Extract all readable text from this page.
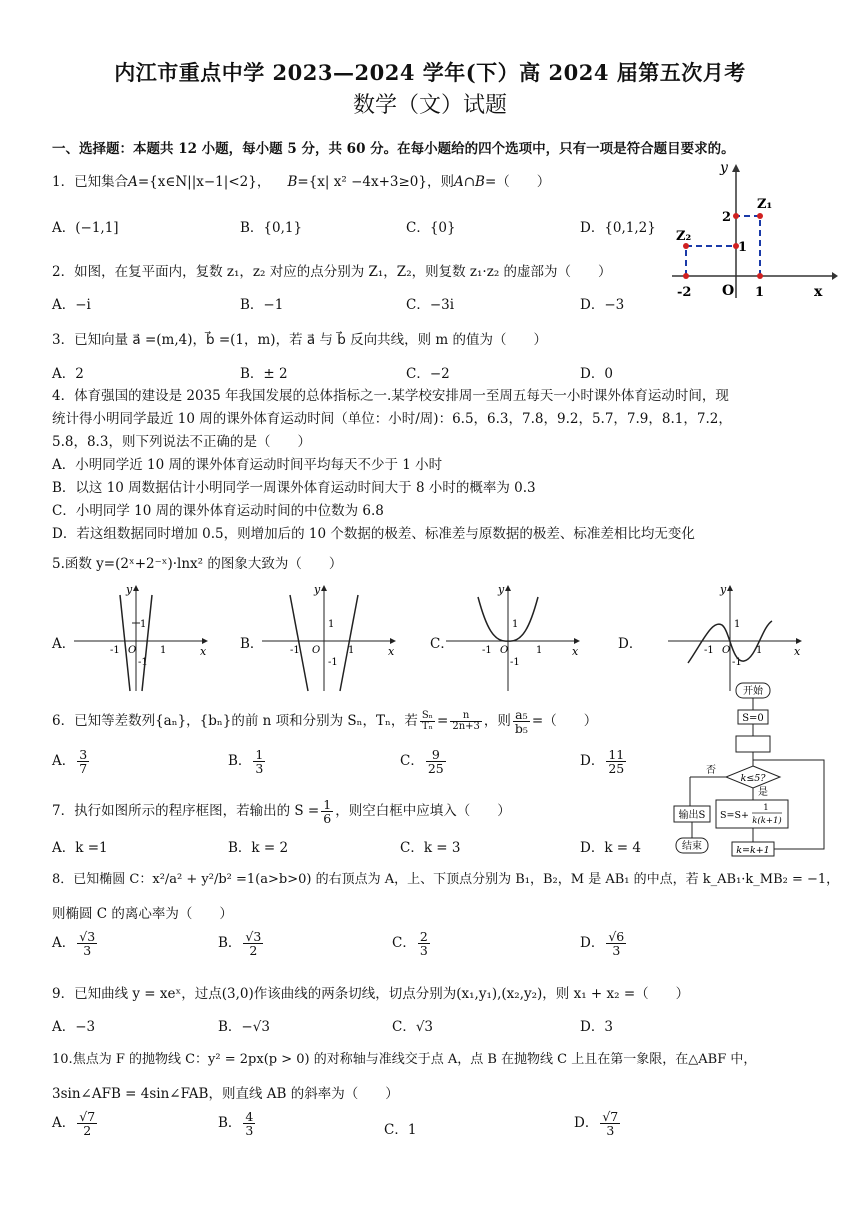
内江市重点中学 2023—2024 学年(下）高 2024 届第五次月考
数学（文）试题
一、选择题：本题共 12 小题，每小题 5 分，共 60 分。在每小题给的四个选项中，只有一项是符合题目要求的。
1．已知集合A={x∈N||x−1|<2}， B={x| x² −4x+3≥0}，则A∩B=（　　）
A．(−1,1]	B．{0,1}	C．{0}	D．{0,1,2}
y
x
O
Z₁
Z₂
2
1
-2	1
2．如图，在复平面内，复数 z₁，z₂ 对应的点分别为 Z₁，Z₂，则复数 z₁·z₂ 的虚部为（　　）
A．−i	B．−1	C．−3i	D．−3
3．已知向量 a⃗ =(m,4)，b⃗ =(1，m)，若 a⃗ 与 b⃗ 反向共线，则 m 的值为（　　）
A．2	B．± 2	C．−2	D．0
4．体育强国的建设是 2035 年我国发展的总体指标之一.某学校安排周一至周五每天一小时课外体育运动时间，现
统计得小明同学最近 10 周的课外体育运动时间（单位：小时/周)：6.5，6.3，7.8，9.2，5.7，7.9，8.1，7.2，
5.8，8.3，则下列说法不正确的是（　　）
A．小明同学近 10 周的课外体育运动时间平均每天不少于 1 小时
B．以这 10 周数据估计小明同学一周课外体育运动时间大于 8 小时的概率为 0.3
C．小明同学 10 周的课外体育运动时间的中位数为 6.8
D．若这组数据同时增加 0.5，则增加后的 10 个数据的极差、标准差与原数据的极差、标准差相比均无变化
5.函数 y=(2ˣ+2⁻ˣ)·lnx² 的图象大致为（　　）
A．	B．	C．	D．
y
x
-1 O 1
1
-1
y
x
-1 O	1
1
-1
y
x
-1 O	1
1
-1
y
x
-1 O	1
1
-1
开始
S=0
k≤5?
否
是
输出S
结束
S=S+
1
k(k+1)
k=k+1
6．已知等差数列{aₙ}，{bₙ}的前 n 项和分别为 Sₙ，Tₙ，若 $\frac{\text{Sₙ}}{\text{Tₙ}} = \frac{n}{2n+3}$ ，则 $\frac{\text{a₅}}{\text{b₅}}$ =（　　）
A． $\frac{3}{7}$	B． $\frac{1}{3}$	C． $\frac{9}{25}$	D． $\frac{11}{25}$
7．执行如图所示的程序框图，若输出的 $S = \frac{1}{6}$ ，则空白框中应填入（　　）
A．k =1	B．k = 2	C．k = 3	D．k = 4
8．已知椭圆 C：x²/a² + y²/b² =1(a>b>0) 的右顶点为 A，上、下顶点分别为 B₁，B₂，M 是 AB₁ 的中点，若 k_AB₁·k_MB₂ = −1，
则椭圆 C 的离心率为（　　）
A． $\frac{√3}{3}$	B． $\frac{√3}{2}$	C． $\frac{2}{3}$	D． $\frac{√6}{3}$
9．已知曲线 y = xeˣ，过点(3,0)作该曲线的两条切线，切点分别为(x₁,y₁),(x₂,y₂)，则 x₁ + x₂ =（　　）
A．−3	B．−√3	C．√3	D．3
10.焦点为 F 的抛物线 C：y² = 2px(p > 0) 的对称轴与准线交于点 A，点 B 在抛物线 C 上且在第一象限，在△ABF 中，
3sin∠AFB = 4sin∠FAB，则直线 AB 的斜率为（　　）
A． $\frac{√7}{2}$	B． $\frac{4}{3}$	C．1	D． $\frac{√7}{3}$
